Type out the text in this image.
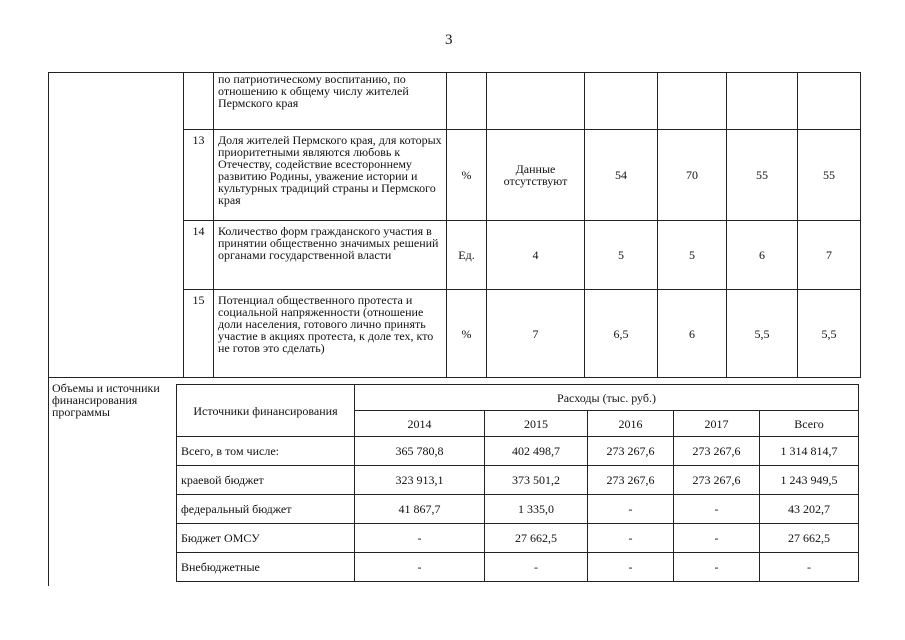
3
		по патриотическому воспитанию, по отношению к общему числу жителей Пермского края						
	13	Доля жителей Пермского края, для которых приоритетными являются любовь к Отечеству, содействие всестороннему развитию Родины, уважение истории и культурных традиций страны и Пермского края	%	Данные отсутствуют	54	70	55	55
	14	Количество форм гражданского участия в принятии общественно значимых решений органами государственной власти	Ед.	4	5	5	6	7
	15	Потенциал общественного протеста и социальной напряженности (отношение доли населения, готового лично принять участие в акциях протеста, к доле тех, кто не готов это сделать)	%	7	6,5	6	5,5	5,5
Объемы и источники финансирования программы	Источники финансирования	Расходы (тыс. руб.)				
	2014	2015	2016	2017	Всего
Всего, в том числе:	365 780,8	402 498,7	273 267,6	273 267,6	1 314 814,7
краевой бюджет	323 913,1	373 501,2	273 267,6	273 267,6	1 243 949,5
федеральный бюджет	41 867,7	1 335,0	-	-	43 202,7
Бюджет ОМСУ	-	27 662,5	-	-	27 662,5
Внебюджетные	-	-	-	-	-
